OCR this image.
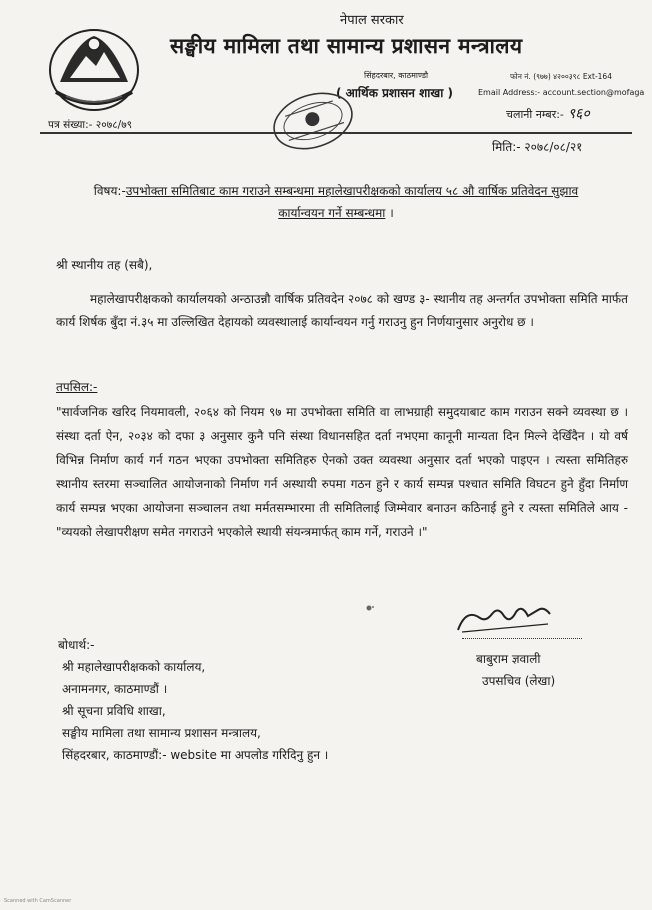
नेपाल सरकार
सङ्घीय मामिला तथा सामान्य प्रशासन मन्त्रालय
सिंहदरबार, काठमाण्डौ
( आर्थिक प्रशासन शाखा )
फोन नं. (९७७) ४२००३९८ Ext-164
Email Address:- account.section@mofaga
चलानी नम्बर:- ९६०
पत्र संख्या:- २०७८/७९
मिति:- २०७८/०८/२१
विषय:-उपभोक्ता समितिबाट काम गराउने सम्बन्धमा महालेखापरीक्षकको कार्यालय ५८ औ वार्षिक प्रतिवेदन सुझाव
कार्यान्वयन गर्ने सम्बन्धमा ।
श्री स्थानीय तह (सबै),
महालेखापरीक्षकको कार्यालयको अन्ठाउन्नौ वार्षिक प्रतिवदेन २०७८ को खण्ड ३- स्थानीय तह अन्तर्गत उपभोक्ता समिति मार्फत कार्य शिर्षक बुँदा नं.३५ मा उल्लिखित देहायको व्यवस्थालाई कार्यान्वयन गर्नु गराउनु हुन निर्णयानुसार अनुरोध छ ।
तपसिल:-
"सार्वजनिक खरिद नियमावली, २०६४ को नियम ९७ मा उपभोक्ता समिति वा लाभग्राही समुदयाबाट काम गराउन सक्ने व्यवस्था छ । संस्था दर्ता ऐन, २०३४ को दफा ३ अनुसार कुनै पनि संस्था विधानसहित दर्ता नभएमा कानूनी मान्यता दिन मिल्ने देखिँदैन । यो वर्ष विभिन्न निर्माण कार्य गर्न गठन भएका उपभोक्ता समितिहरु ऐनको उक्त व्यवस्था अनुसार दर्ता भएको पाइएन । त्यस्ता समितिहरु स्थानीय स्तरमा सञ्चालित आयोजनाको निर्माण गर्न अस्थायी रुपमा गठन हुने र कार्य सम्पन्न पश्चात समिति विघटन हुने हुँदा निर्माण कार्य सम्पन्न भएका आयोजना सञ्चालन तथा मर्मतसम्भारमा ती समितिलाई जिम्मेवार बनाउन कठिनाई हुने र त्यस्ता समितिले आय - "व्ययको लेखापरीक्षण समेत नगराउने भएकोले स्थायी संयन्त्रमार्फत् काम गर्ने, गराउने ।"
बाबुराम ज्ञवाली
उपसचिव (लेखा)
बोधार्थ:-
श्री महालेखापरीक्षकको कार्यालय,
अनामनगर, काठमाण्डौं ।
श्री सूचना प्रविधि शाखा,
सङ्घीय मामिला तथा सामान्य प्रशासन मन्त्रालय,
सिंहदरबार, काठमाण्डौं:- website मा अपलोड गरिदिनु हुन ।
Scanned with CamScanner
